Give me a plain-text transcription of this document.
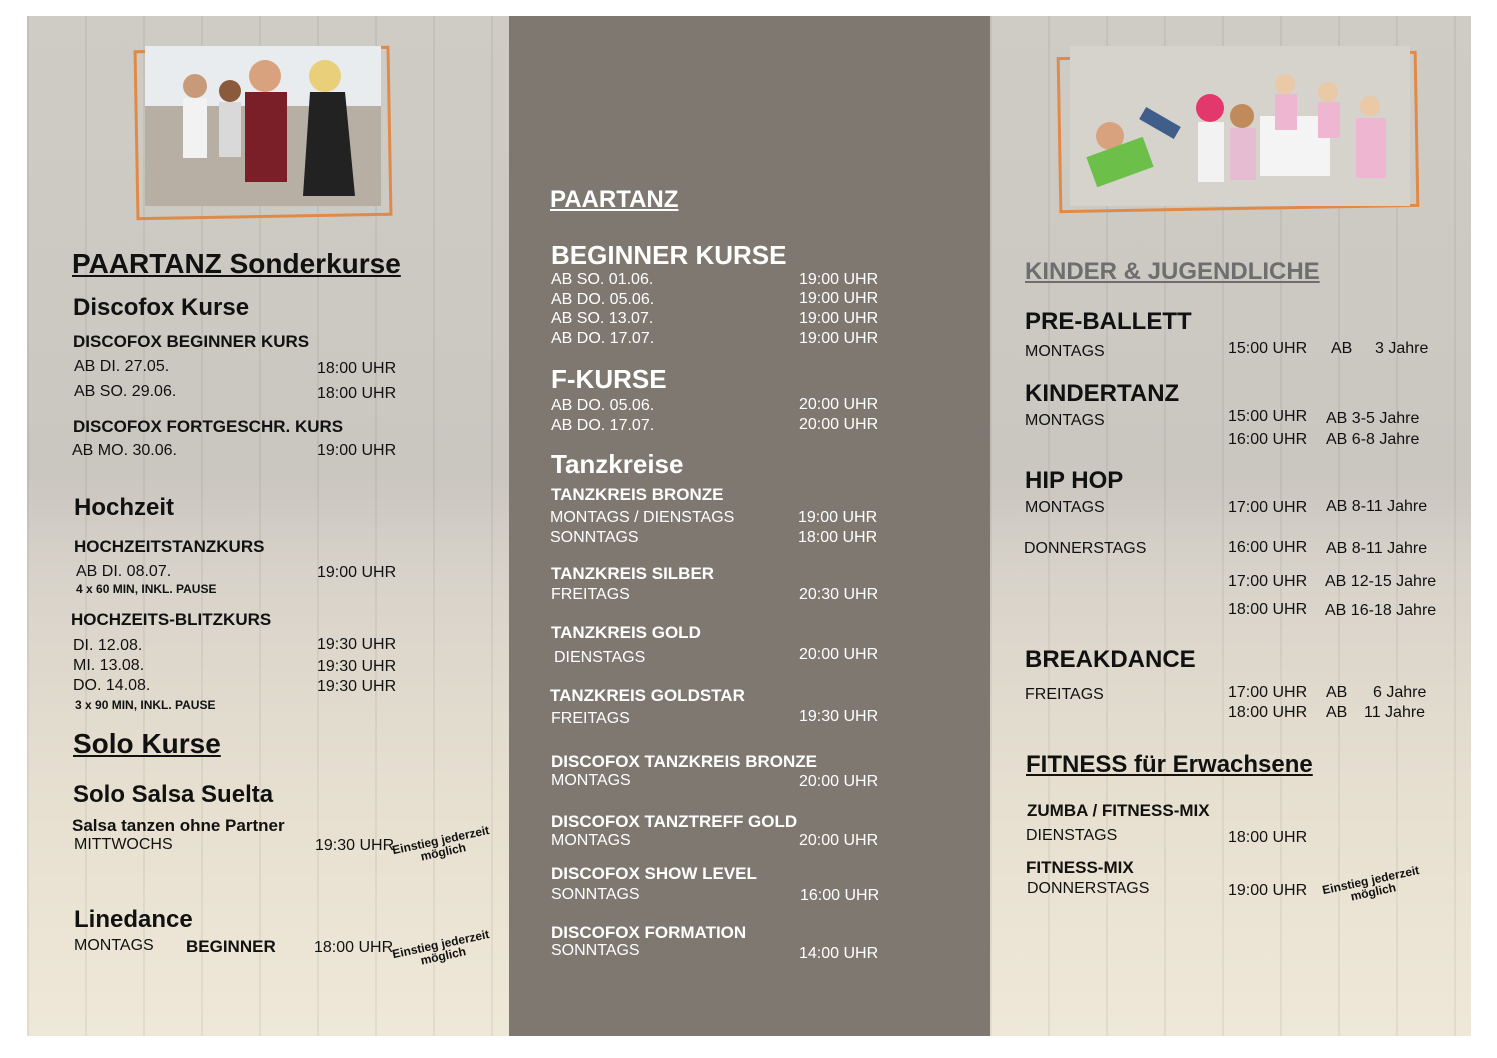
PAARTANZ Sonderkurse
Discofox Kurse
DISCOFOX BEGINNER KURS
AB DI. 27.05.	18:00 UHR
AB SO. 29.06.	18:00 UHR
DISCOFOX FORTGESCHR. KURS
AB MO. 30.06.	19:00 UHR
Hochzeit
HOCHZEITSTANZKURS
AB DI. 08.07.	19:00 UHR
4 x 60 MIN, INKL. PAUSE
HOCHZEITS-BLITZKURS
DI. 12.08.	19:30 UHR
MI. 13.08.	19:30 UHR
DO. 14.08.	19:30 UHR
3 x 90 MIN, INKL. PAUSE
Solo Kurse
Solo Salsa Suelta
Salsa tanzen ohne Partner
MITTWOCHS	19:30 UHR
Einstieg jederzeit möglich
Linedance
MONTAGS BEGINNER 18:00 UHR
Einstieg jederzeit möglich
PAARTANZ
BEGINNER KURSE
AB SO. 01.06.	19:00 UHR
AB DO. 05.06.	19:00 UHR
AB SO. 13.07.	19:00 UHR
AB DO. 17.07.	19:00 UHR
F-KURSE
AB DO. 05.06.	20:00 UHR
AB DO. 17.07.	20:00 UHR
Tanzkreise
TANZKREIS BRONZE
MONTAGS / DIENSTAGS	19:00 UHR
SONNTAGS	18:00 UHR
TANZKREIS SILBER
FREITAGS	20:30 UHR
TANZKREIS GOLD
DIENSTAGS	20:00 UHR
TANZKREIS GOLDSTAR
FREITAGS	19:30 UHR
DISCOFOX TANZKREIS BRONZE
MONTAGS	20:00 UHR
DISCOFOX TANZTREFF GOLD
MONTAGS	20:00 UHR
DISCOFOX SHOW LEVEL
SONNTAGS	16:00 UHR
DISCOFOX FORMATION
SONNTAGS	14:00 UHR
KINDER & JUGENDLICHE
PRE-BALLETT
MONTAGS	15:00 UHR AB 3 Jahre
KINDERTANZ
MONTAGS	15:00 UHR AB 3-5 Jahre
16:00 UHR AB 6-8 Jahre
HIP HOP
MONTAGS	17:00 UHR AB 8-11 Jahre
DONNERSTAGS	16:00 UHR AB 8-11 Jahre
17:00 UHR AB 12-15 Jahre
18:00 UHR AB 16-18 Jahre
BREAKDANCE
FREITAGS	17:00 UHR AB 6 Jahre
18:00 UHR AB 11 Jahre
FITNESS für Erwachsene
ZUMBA / FITNESS-MIX
DIENSTAGS	18:00 UHR
FITNESS-MIX
DONNERSTAGS	19:00 UHR	Einstieg jederzeit möglich
